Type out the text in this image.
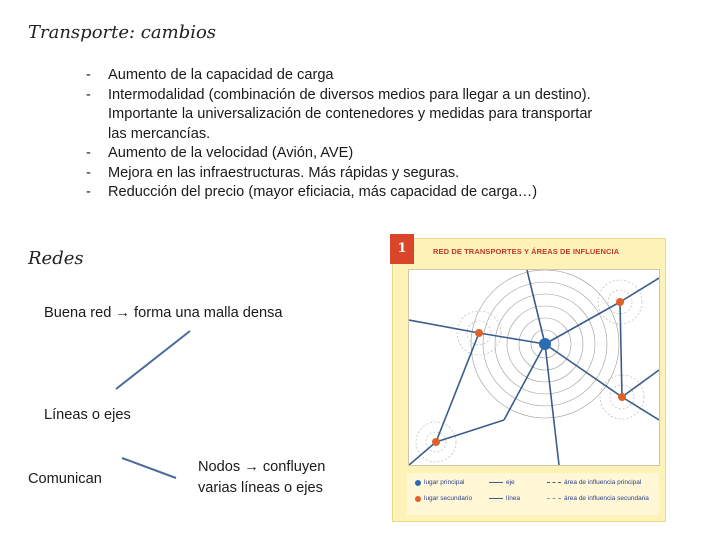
Transporte: cambios
- Aumento de la capacidad de carga
- Intermodalidad (combinación de diversos medios para llegar a un destino). Importante la universalización de contenedores y medidas para transportar las mercancías.
- Aumento de la velocidad (Avión, AVE)
- Mejora en las infraestructuras. Más rápidas y seguras.
- Reducción del precio (mayor eficiacia, más capacidad de carga…)
Redes
Buena red → forma una malla densa
Líneas o ejes
Comunican
Nodos → confluyen
varias líneas o ejes
1	RED DE TRANSPORTES Y ÁREAS DE INFLUENCIA
lugar principal
lugar secundario
eje
línea
área de influencia principal
área de influencia secundaria
